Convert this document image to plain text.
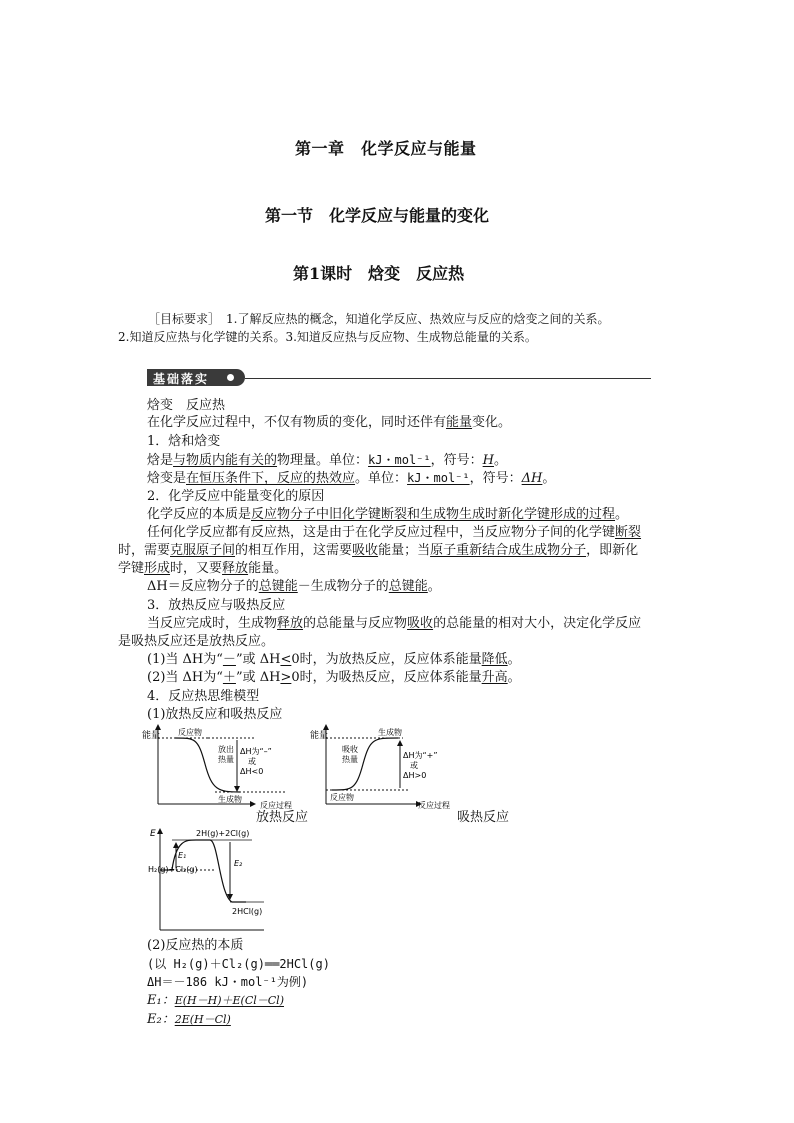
第一章　化学反应与能量
第一节　化学反应与能量的变化
第1课时　焓变　反应热
［目标要求］　1.了解反应热的概念，知道化学反应、热效应与反应的焓变之间的关系。
2.知道反应热与化学键的关系。3.知道反应热与反应物、生成物总能量的关系。
基础落实
焓变　反应热
在化学反应过程中，不仅有物质的变化，同时还伴有能量变化。
1．焓和焓变
焓是与物质内能有关的物理量。单位：kJ・mol⁻¹，符号：H。
焓变是在恒压条件下，反应的热效应。单位：kJ・mol⁻¹，符号：ΔH。
2．化学反应中能量变化的原因
化学反应的本质是反应物分子中旧化学键断裂和生成物生成时新化学键形成的过程。
任何化学反应都有反应热，这是由于在化学反应过程中，当反应物分子间的化学键断裂
时，需要克服原子间的相互作用，这需要吸收能量；当原子重新结合成生成物分子，即新化
学键形成时，又要释放能量。
ΔH＝反应物分子的总键能－生成物分子的总键能。
3．放热反应与吸热反应
当反应完成时，生成物释放的总能量与反应物吸收的总能量的相对大小，决定化学反应
是吸热反应还是放热反应。
(1)当 ΔH为“－”或 ΔH<0时，为放热反应，反应体系能量降低。
(2)当 ΔH为“＋”或 ΔH>0时，为吸热反应，反应体系能量升高。
4．反应热思维模型
(1)放热反应和吸热反应
能量 反应物
生成物
放出
热量
ΔH为“–”
或
ΔH<0
反应过程
放热反应
能量	生成物
反应物
吸收
热量	ΔH为“+”
或
ΔH>0
反应过程
吸热反应
E	2H(g)+2Cl(g)
H₂(g)+Cl₂(g)
2HCl(g)
E₁
E₂
(2)反应热的本质
(以 H₂(g)＋Cl₂(g)══2HCl(g)
ΔH＝－186 kJ・mol⁻¹为例)
E₁：E(H－H)＋E(Cl－Cl)
E₂：2E(H－Cl)
